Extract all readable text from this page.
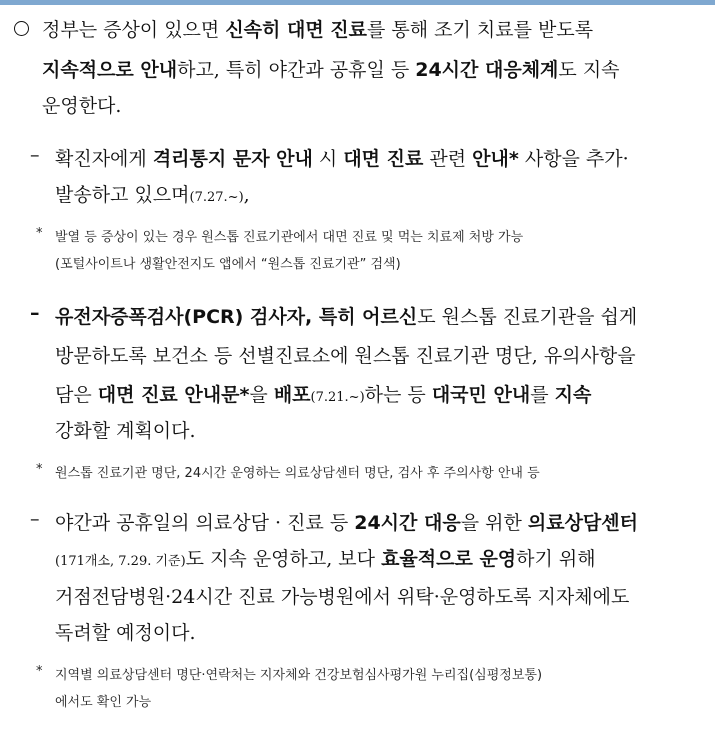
정부는 증상이 있으면 신속히 대면 진료를 통해 조기 치료를 받도록
지속적으로 안내하고, 특히 야간과 공휴일 등 24시간 대응체계도 지속
운영한다.
– 확진자에게 격리통지 문자 안내 시 대면 진료 관련 안내* 사항을 추가·
발송하고 있으며(7.27.~),
* 발열 등 증상이 있는 경우 원스톱 진료기관에서 대면 진료 및 먹는 치료제 처방 가능
(포털사이트나 생활안전지도 앱에서 “원스톱 진료기관” 검색)
– 유전자증폭검사(PCR) 검사자, 특히 어르신도 원스톱 진료기관을 쉽게
방문하도록 보건소 등 선별진료소에 원스톱 진료기관 명단, 유의사항을
담은 대면 진료 안내문*을 배포(7.21.~)하는 등 대국민 안내를 지속
강화할 계획이다.
* 원스톱 진료기관 명단, 24시간 운영하는 의료상담센터 명단, 검사 후 주의사항 안내 등
– 야간과 공휴일의 의료상담 · 진료 등 24시간 대응을 위한 의료상담센터
(171개소, 7.29. 기준)도 지속 운영하고, 보다 효율적으로 운영하기 위해
거점전담병원·24시간 진료 가능병원에서 위탁·운영하도록 지자체에도
독려할 예정이다.
* 지역별 의료상담센터 명단·연락처는 지자체와 건강보험심사평가원 누리집(심평정보통)
에서도 확인 가능
